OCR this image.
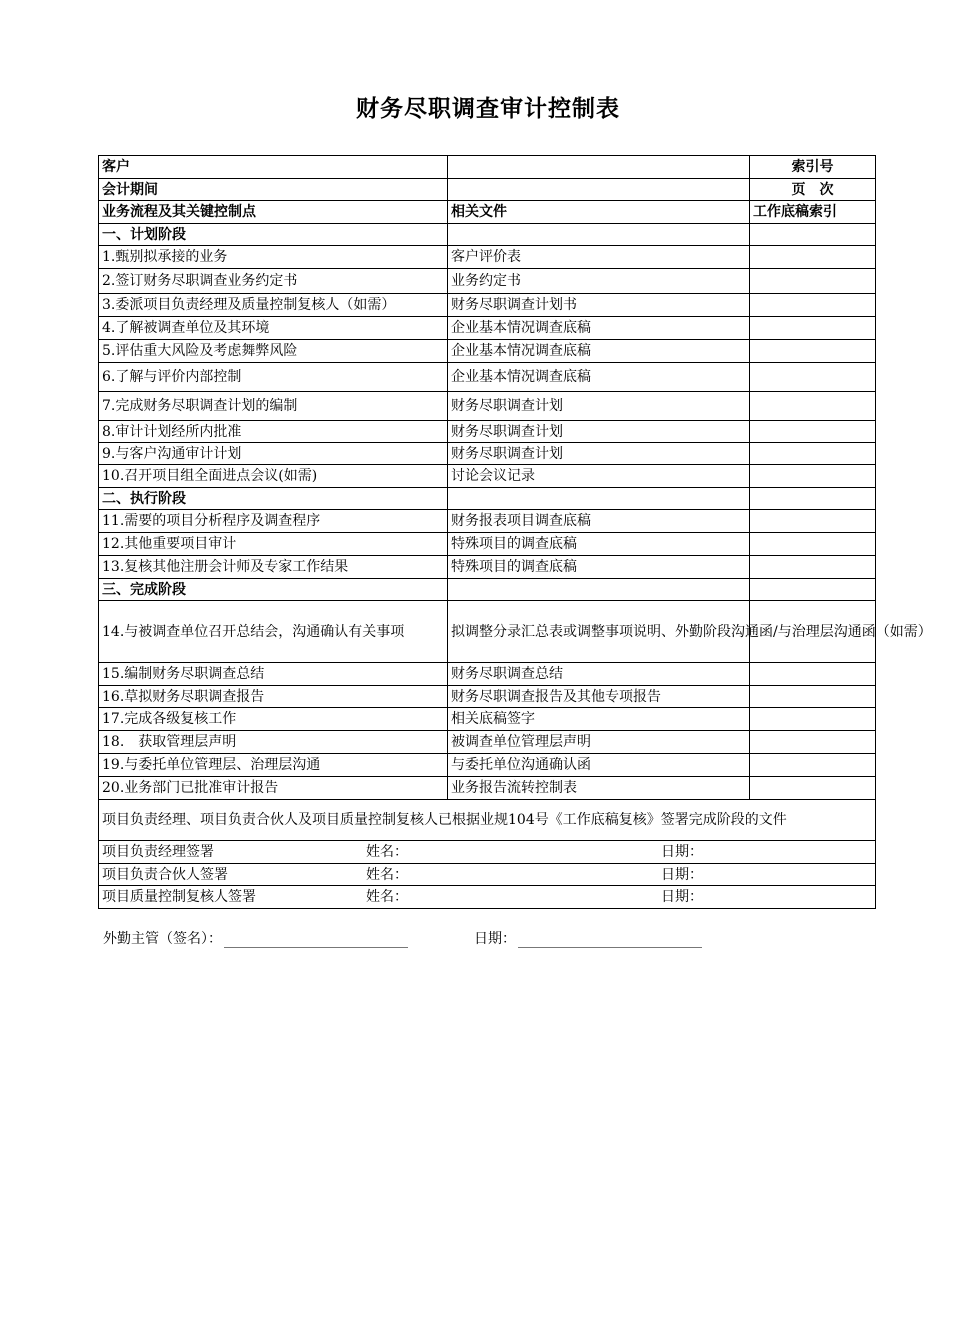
财务尽职调查审计控制表
客户		索引号
会计期间		页　次
业务流程及其关键控制点	相关文件	工作底稿索引
一、计划阶段		
1.甄别拟承接的业务	客户评价表	
2.签订财务尽职调查业务约定书	业务约定书	
3.委派项目负责经理及质量控制复核人（如需）	财务尽职调查计划书	
4.了解被调查单位及其环境	企业基本情况调查底稿	
5.评估重大风险及考虑舞弊风险	企业基本情况调查底稿	
6.了解与评价内部控制	企业基本情况调查底稿	
7.完成财务尽职调查计划的编制	财务尽职调查计划	
8.审计计划经所内批准	财务尽职调查计划	
9.与客户沟通审计计划	财务尽职调查计划	
10.召开项目组全面进点会议(如需)	讨论会议记录	
二、执行阶段		
11.需要的项目分析程序及调查程序	财务报表项目调查底稿	
12.其他重要项目审计	特殊项目的调查底稿	
13.复核其他注册会计师及专家工作结果	特殊项目的调查底稿	
三、完成阶段		
14.与被调查单位召开总结会，沟通确认有关事项	拟调整分录汇总表或调整事项说明、外勤阶段沟通函/与治理层沟通函（如需）	
15.编制财务尽职调查总结	财务尽职调查总结	
16.草拟财务尽职调查报告	财务尽职调查报告及其他专项报告	
17.完成各级复核工作	相关底稿签字	
18.　获取管理层声明	被调查单位管理层声明	
19.与委托单位管理层、治理层沟通	与委托单位沟通确认函	
20.业务部门已批准审计报告	业务报告流转控制表	
项目负责经理、项目负责合伙人及项目质量控制复核人已根据业规104号《工作底稿复核》签署完成阶段的文件		

项目负责经理签署 姓名： 日期：		

项目负责合伙人签署 姓名： 日期：		

项目质量控制复核人签署 姓名： 日期：		
外勤主管（签名）：	日期：
